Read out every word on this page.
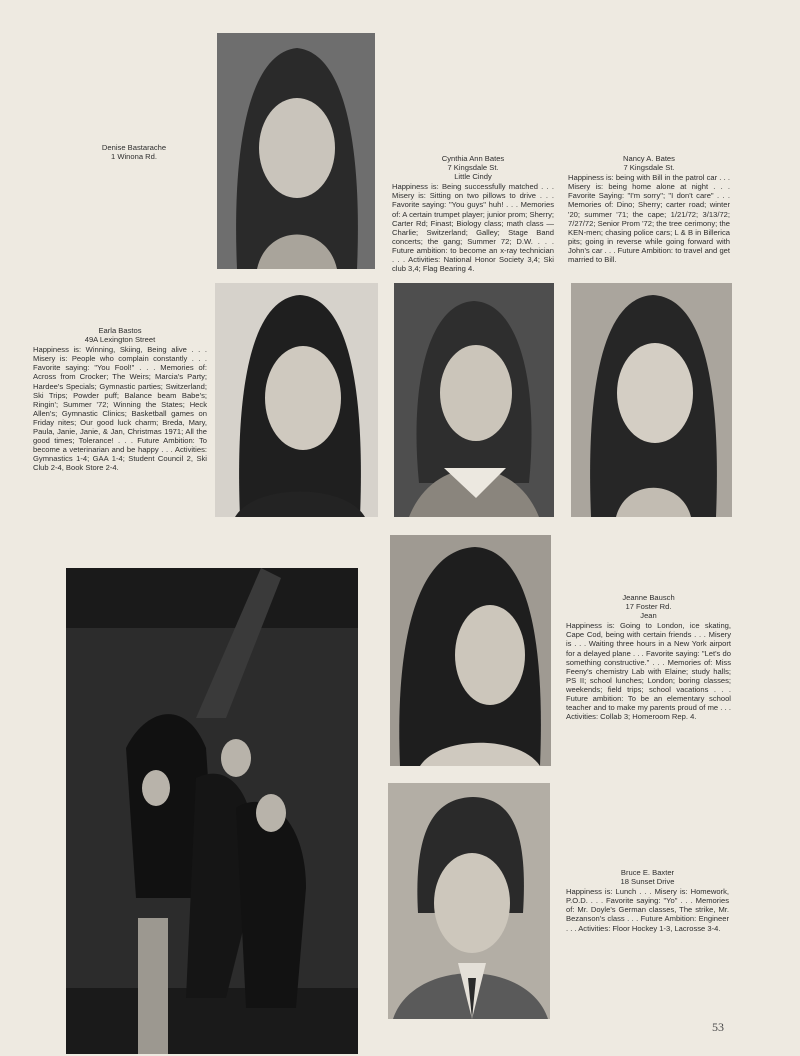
Denise Bastarache
1 Winona Rd.	Cynthia Ann Bates
7 Kingsdale St.
Little Cindy
Happiness is: Being successfully matched . . . Misery is: Sitting on two pillows to drive . . . Favorite saying: "You guys" huh! . . . Memories of: A certain trumpet player; junior prom; Sherry; Carter Rd; Finast; Biology class; math class — Charlie; Switzerland; Galley; Stage Band concerts; the gang; Summer 72; D.W. . . . Future ambition: to become an x-ray technician . . . Activities: National Honor Society 3,4; Ski club 3,4; Flag Bearing 4.
Nancy A. Bates
7 Kingsdale St.
Happiness is: being with Bill in the patrol car . . . Misery is: being home alone at night . . . Favorite Saying: "I'm sorry"; "I don't care" . . . Memories of: Dino; Sherry; carter road; winter '20; summer '71; the cape; 1/21/72; 3/13/72; 7/27/72; Senior Prom '72; the tree cerimony; the KEN-men; chasing police cars; L & B in Billerica pits; going in reverse while going forward with John's car . . . Future Ambition: to travel and get married to Bill.
Earla Bastos
49A Lexington Street
Happiness is: Winning, Skiing, Being alive . . . Misery is: People who complain constantly . . . Favorite saying: "You Fool!" . . . Memories of: Across from Crocker; The Weirs; Marcia's Party; Hardee's Specials; Gymnastic parties; Switzerland; Ski Trips; Powder puff; Balance beam Babe's; Ringin'; Summer '72; Winning the States; Heck Allen's; Gymnastic Clinics; Basketball games on Friday nites; Our good luck charm; Breda, Mary, Paula, Janie, Janie, & Jan, Christmas 1971; All the good times; Tolerance! . . . Future Ambition: To become a veterinarian and be happy . . . Activities: Gymnastics 1-4; GAA 1-4; Student Council 2, Ski Club 2-4, Book Store 2-4.
Jeanne Bausch
17 Foster Rd.
Jean
Happiness is: Going to London, ice skating, Cape Cod, being with certain friends . . . Misery is . . . Waiting three hours in a New York airport for a delayed plane . . . Favorite saying: "Let's do something constructive." . . . Memories of: Miss Feeny's chemistry Lab with Elaine; study halls; PS II; school lunches; London; boring classes; weekends; field trips; school vacations . . . Future ambition: To be an elementary school teacher and to make my parents proud of me . . . Activities: Collab 3; Homeroom Rep. 4.
Bruce E. Baxter
18 Sunset Drive
Happiness is: Lunch . . . Misery is: Homework, P.O.D. . . . Favorite saying: "Yo" . . . Memories of: Mr. Doyle's German classes, The strike, Mr. Bezanson's class . . . Future Ambition: Engineer . . . Activities: Floor Hockey 1-3, Lacrosse 3-4.
53
